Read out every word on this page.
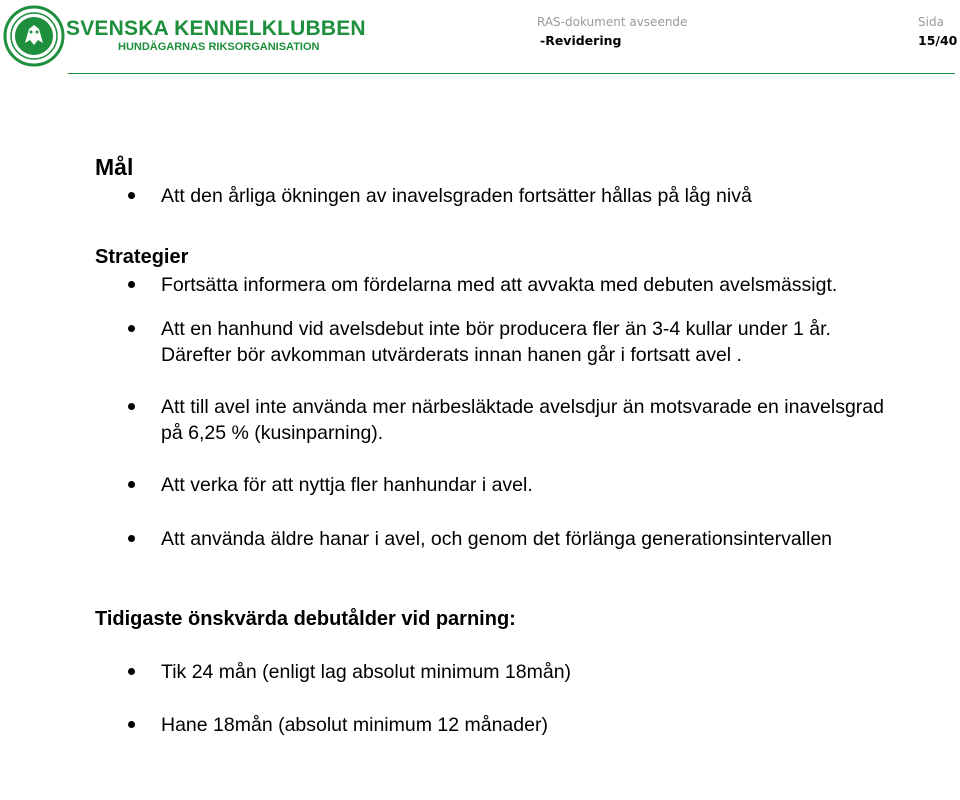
SVENSKA KENNELKLUBBEN
HUNDÄGARNAS RIKSORGANISATION
RAS-dokument avseende
-Revidering
Sida
15/40
Mål
Att den årliga ökningen av inavelsgraden fortsätter hållas på låg nivå
Strategier
Fortsätta informera om fördelarna med att avvakta med debuten avelsmässigt.
Att en hanhund vid avelsdebut inte bör producera fler än 3-4 kullar under 1 år. Därefter bör avkomman utvärderats innan hanen går i fortsatt avel .
Att till avel inte använda mer närbesläktade avelsdjur än motsvarade en inavelsgrad på 6,25 % (kusinparning).
Att verka för att nyttja fler hanhundar i avel.
Att använda äldre hanar i avel, och genom det förlänga generationsintervallen
Tidigaste önskvärda debutålder vid parning:
Tik 24 mån (enligt lag absolut minimum 18mån)
Hane 18mån (absolut minimum 12 månader)
